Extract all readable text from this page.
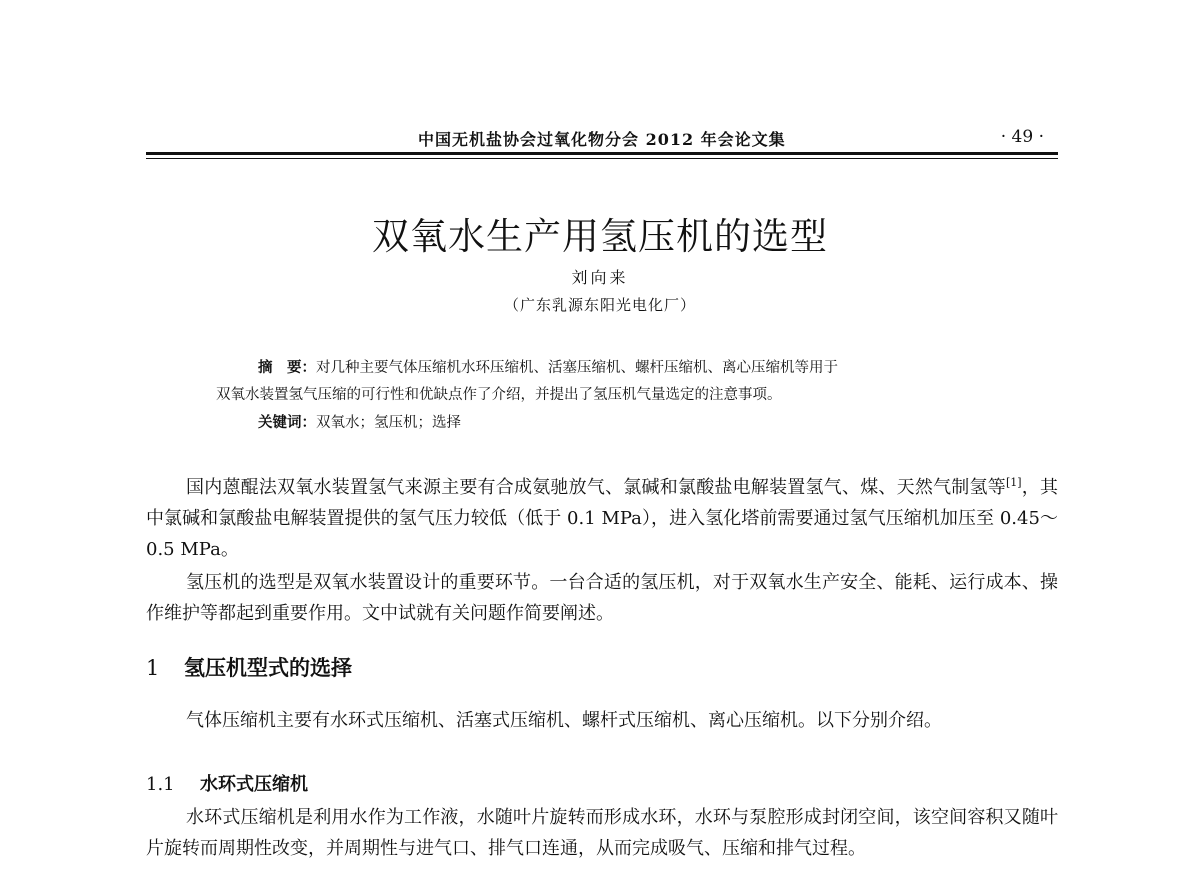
中国无机盐协会过氧化物分会 2012 年会论文集	· 49 ·
双氧水生产用氢压机的选型
刘向来
（广东乳源东阳光电化厂）
摘　要：对几种主要气体压缩机水环压缩机、活塞压缩机、螺杆压缩机、离心压缩机等用于
双氧水装置氢气压缩的可行性和优缺点作了介绍，并提出了氢压机气量选定的注意事项。
关键词：双氧水；氢压机；选择
国内蒽醌法双氧水装置氢气来源主要有合成氨驰放气、氯碱和氯酸盐电解装置氢气、煤、天然气制氢等[1]，其中氯碱和氯酸盐电解装置提供的氢气压力较低（低于 0.1 MPa），进入氢化塔前需要通过氢气压缩机加压至 0.45～0.5 MPa。
氢压机的选型是双氧水装置设计的重要环节。一台合适的氢压机，对于双氧水生产安全、能耗、运行成本、操作维护等都起到重要作用。文中试就有关问题作简要阐述。
1 氢压机型式的选择
气体压缩机主要有水环式压缩机、活塞式压缩机、螺杆式压缩机、离心压缩机。以下分别介绍。
1.1 水环式压缩机
水环式压缩机是利用水作为工作液，水随叶片旋转而形成水环，水环与泵腔形成封闭空间，该空间容积又随叶片旋转而周期性改变，并周期性与进气口、排气口连通，从而完成吸气、压缩和排气过程。
